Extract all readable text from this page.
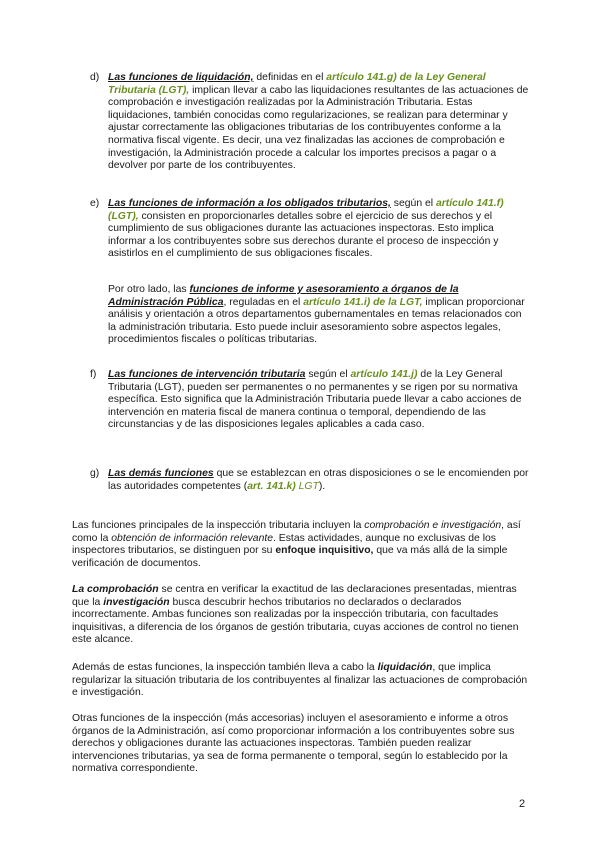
d) Las funciones de liquidación, definidas en el artículo 141.g) de la Ley General Tributaria (LGT), implican llevar a cabo las liquidaciones resultantes de las actuaciones de comprobación e investigación realizadas por la Administración Tributaria. Estas liquidaciones, también conocidas como regularizaciones, se realizan para determinar y ajustar correctamente las obligaciones tributarias de los contribuyentes conforme a la normativa fiscal vigente. Es decir, una vez finalizadas las acciones de comprobación e investigación, la Administración procede a calcular los importes precisos a pagar o a devolver por parte de los contribuyentes.
e) Las funciones de información a los obligados tributarios, según el artículo 141.f) (LGT), consisten en proporcionarles detalles sobre el ejercicio de sus derechos y el cumplimiento de sus obligaciones durante las actuaciones inspectoras. Esto implica informar a los contribuyentes sobre sus derechos durante el proceso de inspección y asistirlos en el cumplimiento de sus obligaciones fiscales.
Por otro lado, las funciones de informe y asesoramiento a órganos de la Administración Pública, reguladas en el artículo 141.i) de la LGT, implican proporcionar análisis y orientación a otros departamentos gubernamentales en temas relacionados con la administración tributaria. Esto puede incluir asesoramiento sobre aspectos legales, procedimientos fiscales o políticas tributarias.
f) Las funciones de intervención tributaria según el artículo 141.j) de la Ley General Tributaria (LGT), pueden ser permanentes o no permanentes y se rigen por su normativa específica. Esto significa que la Administración Tributaria puede llevar a cabo acciones de intervención en materia fiscal de manera continua o temporal, dependiendo de las circunstancias y de las disposiciones legales aplicables a cada caso.
g) Las demás funciones que se establezcan en otras disposiciones o se le encomienden por las autoridades competentes (art. 141.k) LGT).
Las funciones principales de la inspección tributaria incluyen la comprobación e investigación, así como la obtención de información relevante. Estas actividades, aunque no exclusivas de los inspectores tributarios, se distinguen por su enfoque inquisitivo, que va más allá de la simple verificación de documentos.
La comprobación se centra en verificar la exactitud de las declaraciones presentadas, mientras que la investigación busca descubrir hechos tributarios no declarados o declarados incorrectamente. Ambas funciones son realizadas por la inspección tributaria, con facultades inquisitivas, a diferencia de los órganos de gestión tributaria, cuyas acciones de control no tienen este alcance.
Además de estas funciones, la inspección también lleva a cabo la liquidación, que implica regularizar la situación tributaria de los contribuyentes al finalizar las actuaciones de comprobación e investigación.
Otras funciones de la inspección (más accesorias) incluyen el asesoramiento e informe a otros órganos de la Administración, así como proporcionar información a los contribuyentes sobre sus derechos y obligaciones durante las actuaciones inspectoras. También pueden realizar intervenciones tributarias, ya sea de forma permanente o temporal, según lo establecido por la normativa correspondiente.
2
